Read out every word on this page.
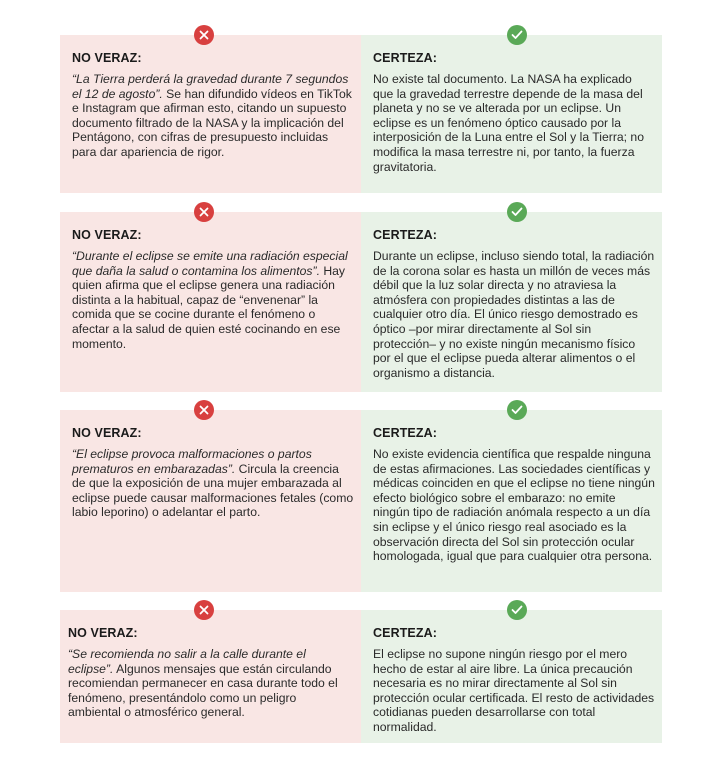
NO VERAZ:
“La Tierra perderá la gravedad durante 7 segundos el 12 de agosto”. Se han difundido vídeos en TikTok e Instagram que afirman esto, citando un supuesto documento filtrado de la NASA y la implicación del Pentágono, con cifras de presupuesto incluidas para dar apariencia de rigor.
CERTEZA:
No existe tal documento. La NASA ha explicado que la gravedad terrestre depende de la masa del planeta y no se ve alterada por un eclipse. Un eclipse es un fenómeno óptico causado por la interposición de la Luna entre el Sol y la Tierra; no modifica la masa terrestre ni, por tanto, la fuerza gravitatoria.
NO VERAZ:
“Durante el eclipse se emite una radiación especial que daña la salud o contamina los alimentos”. Hay quien afirma que el eclipse genera una radiación distinta a la habitual, capaz de “envenenar” la comida que se cocine durante el fenómeno o afectar a la salud de quien esté cocinando en ese momento.
CERTEZA:
Durante un eclipse, incluso siendo total, la radiación de la corona solar es hasta un millón de veces más débil que la luz solar directa y no atraviesa la atmósfera con propiedades distintas a las de cualquier otro día. El único riesgo demostrado es óptico –por mirar directamente al Sol sin protección– y no existe ningún mecanismo físico por el que el eclipse pueda alterar alimentos o el organismo a distancia.
NO VERAZ:
“El eclipse provoca malformaciones o partos prematuros en embarazadas”. Circula la creencia de que la exposición de una mujer embarazada al eclipse puede causar malformaciones fetales (como labio leporino) o adelantar el parto.
CERTEZA:
No existe evidencia científica que respalde ninguna de estas afirmaciones. Las sociedades científicas y médicas coinciden en que el eclipse no tiene ningún efecto biológico sobre el embarazo: no emite ningún tipo de radiación anómala respecto a un día sin eclipse y el único riesgo real asociado es la observación directa del Sol sin protección ocular homologada, igual que para cualquier otra persona.
NO VERAZ:
“Se recomienda no salir a la calle durante el eclipse”. Algunos mensajes que están circulando recomiendan permanecer en casa durante todo el fenómeno, presentándolo como un peligro ambiental o atmosférico general.
CERTEZA:
El eclipse no supone ningún riesgo por el mero hecho de estar al aire libre. La única precaución necesaria es no mirar directamente al Sol sin protección ocular certificada. El resto de actividades cotidianas pueden desarrollarse con total normalidad.
